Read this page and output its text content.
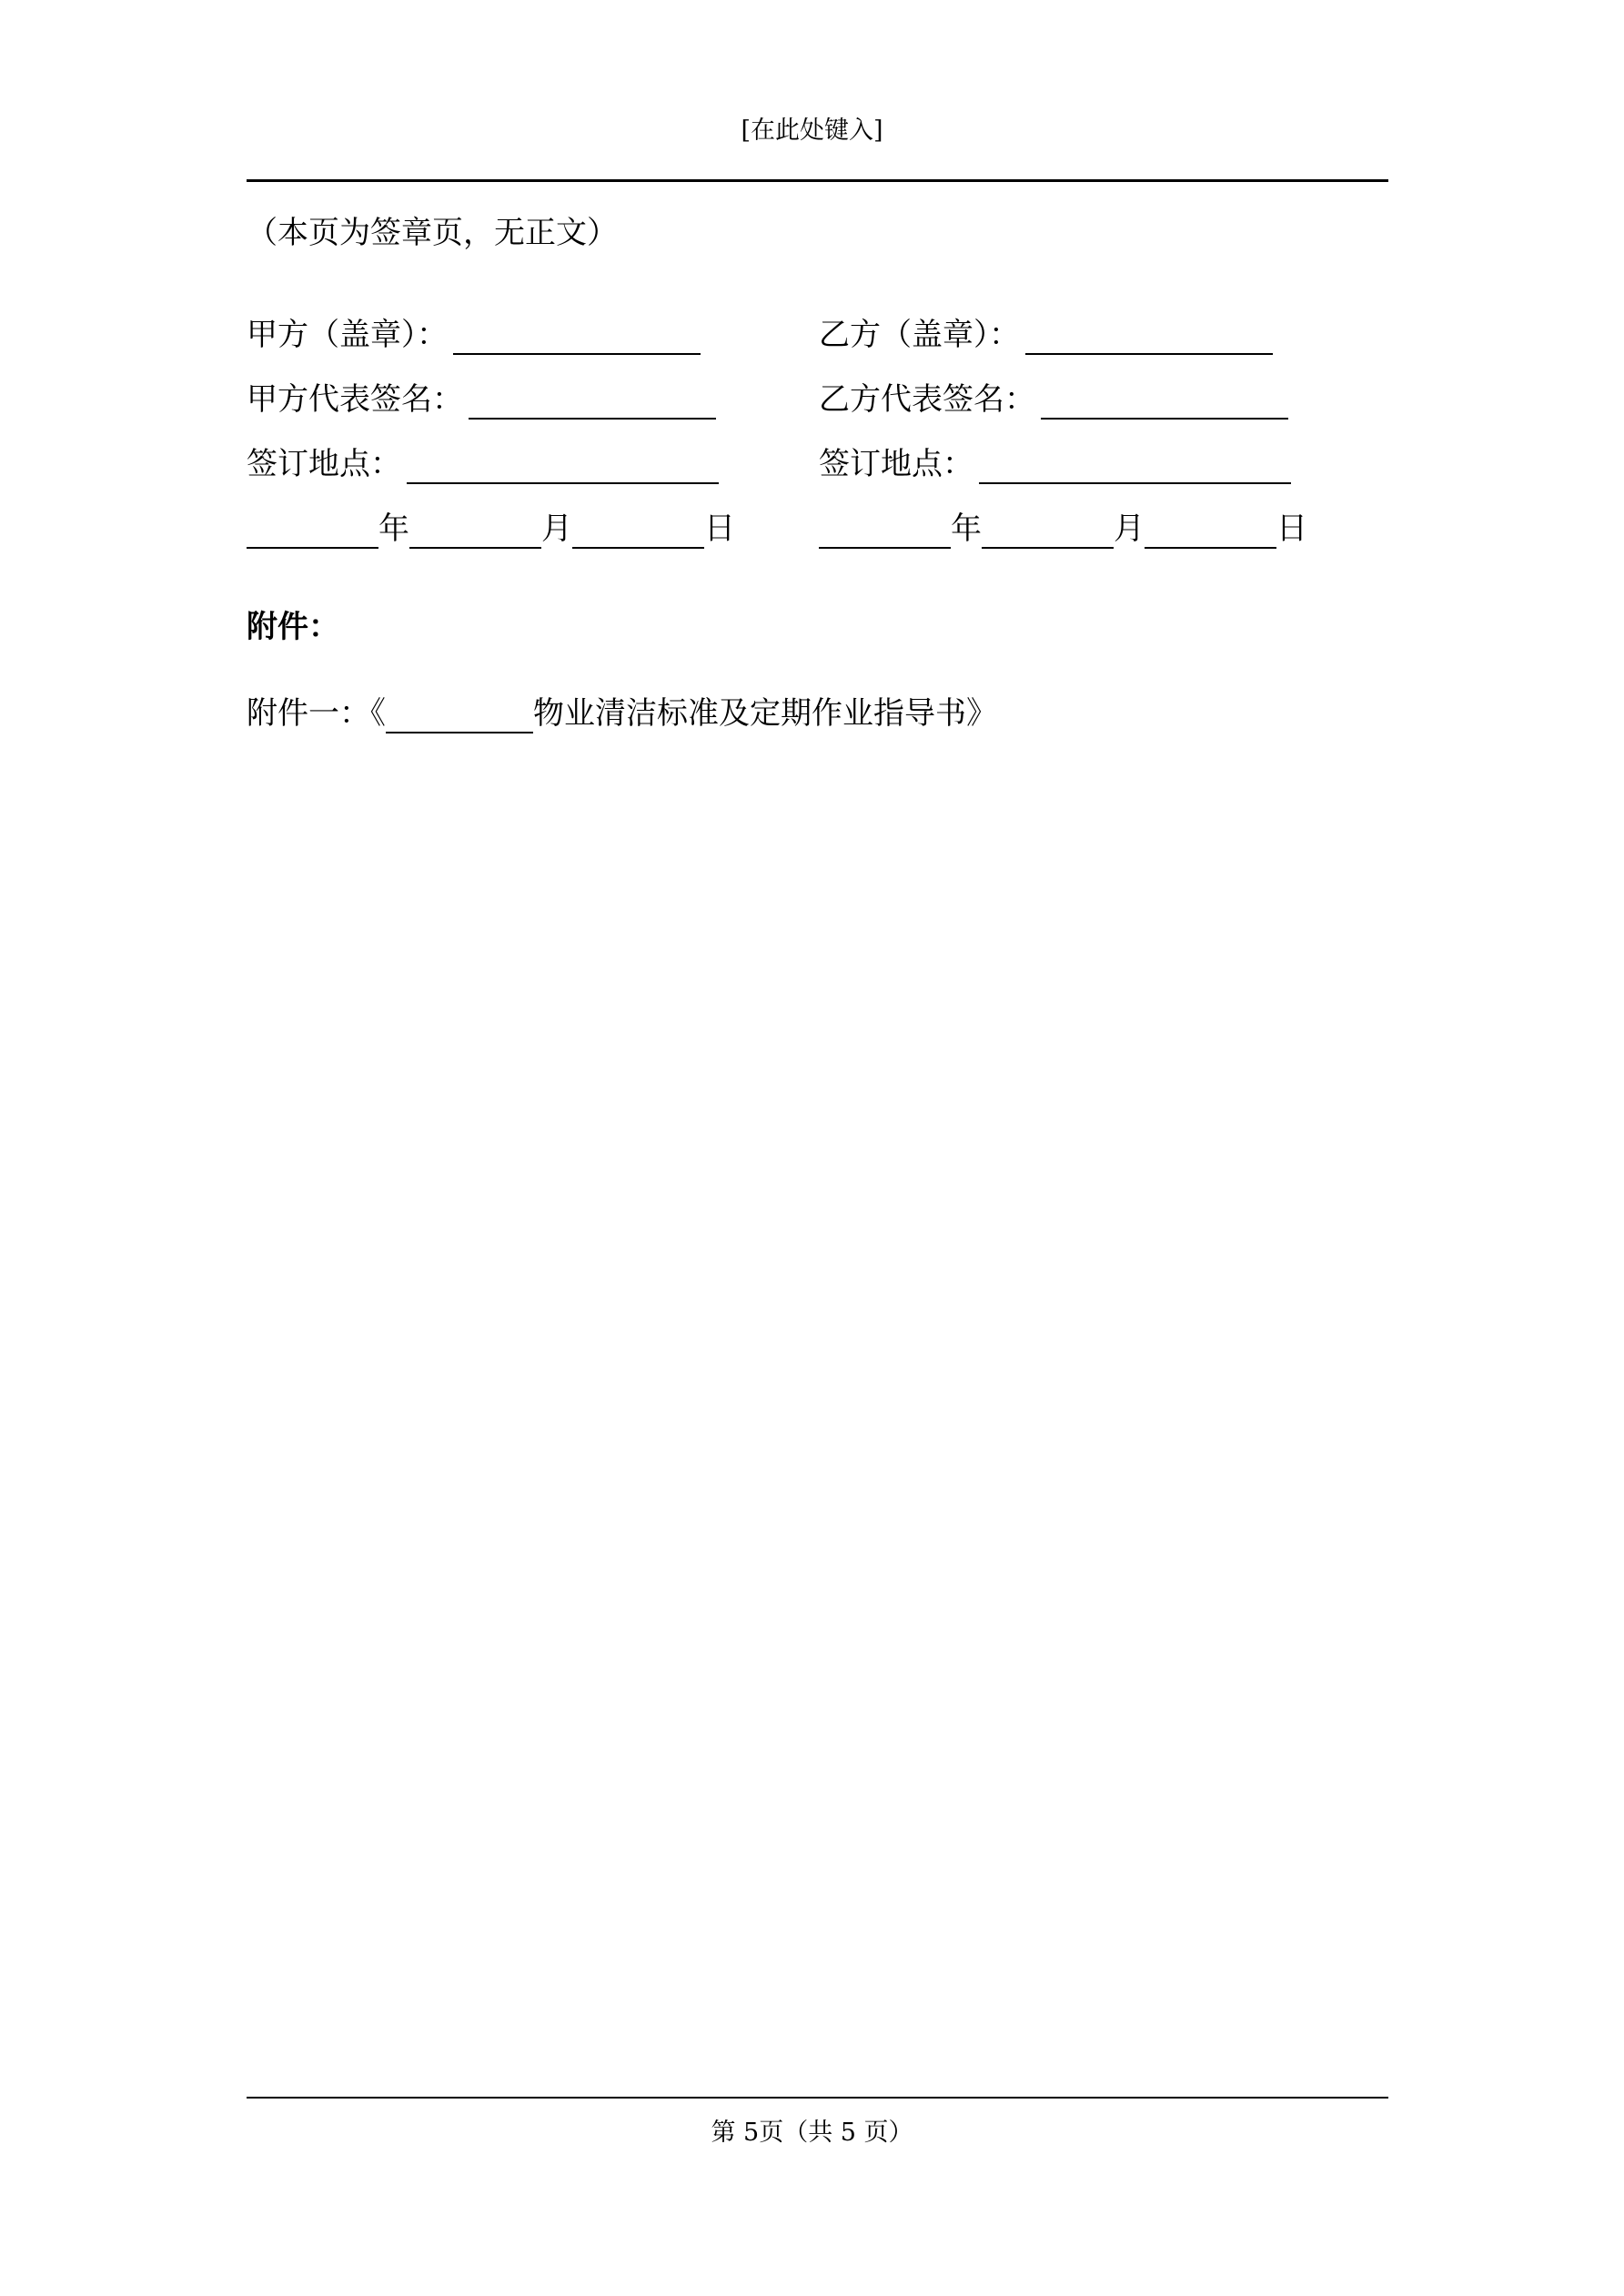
[在此处键入]
（本页为签章页，无正文）
甲方（盖章）：	乙方（盖章）：
甲方代表签名：	乙方代表签名：
签订地点：	签订地点：
年	月	日	年	月	日
附件：
附件一：《	物业清洁标准及定期作业指导书》
第 5页（共 5 页）
